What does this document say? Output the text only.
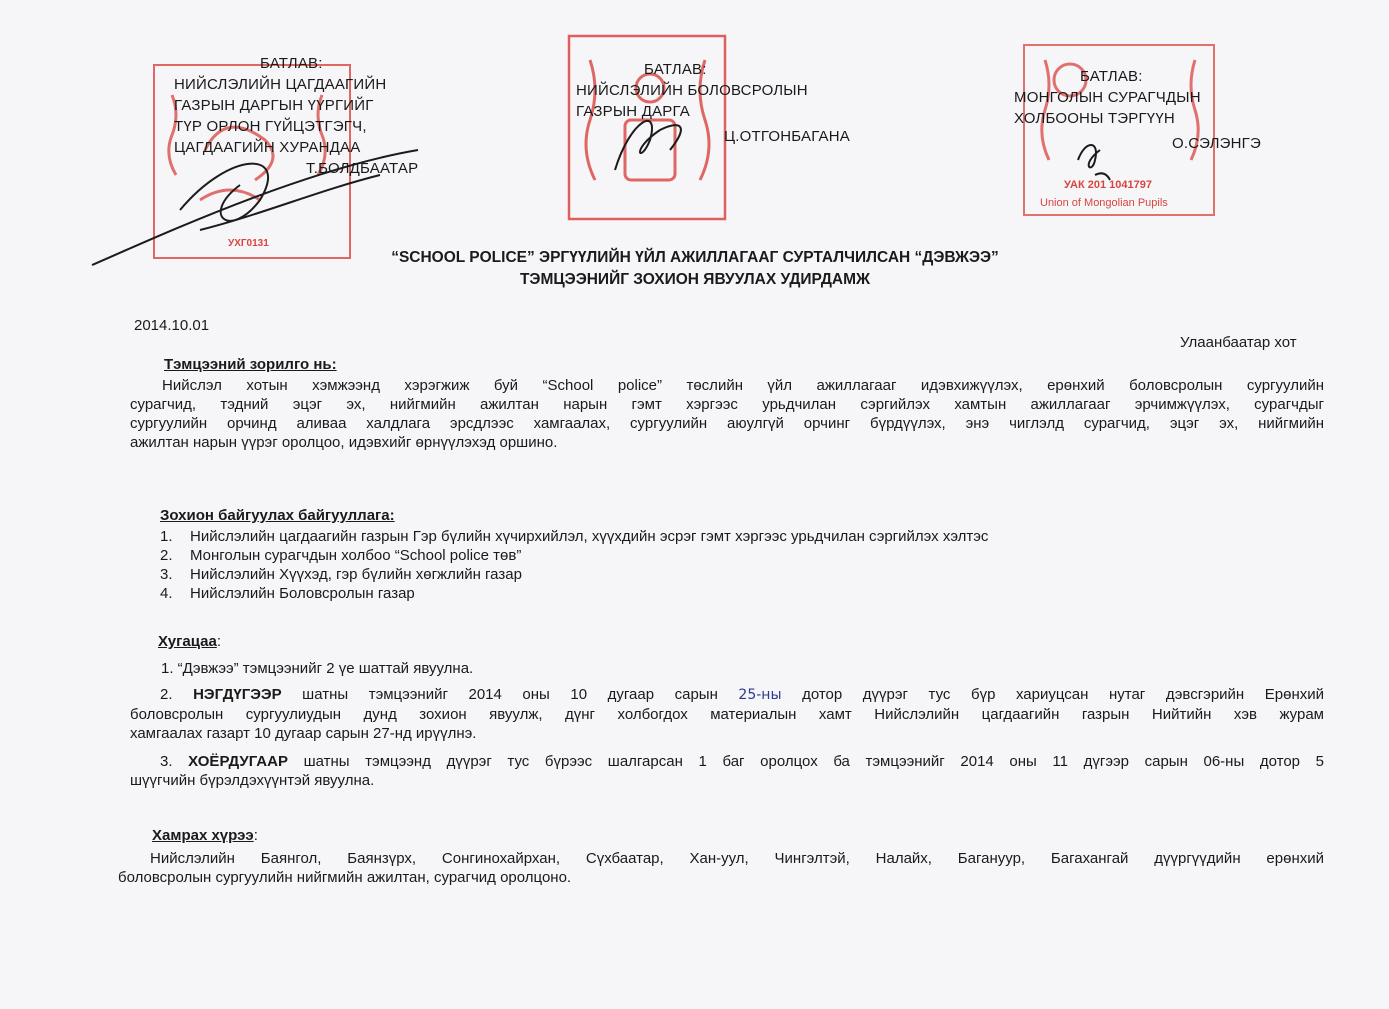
УХГ0131
УАК 201 1041797
Union of Mongolian Pupils
БАТЛАВ:
НИЙСЛЭЛИЙН ЦАГДААГИЙН
ГАЗРЫН ДАРГЫН ҮҮРГИЙГ
ТҮР ОРЛОН ГҮЙЦЭТГЭГЧ,
ЦАГДААГИЙН ХУРАНДАА
Т.БОЛДБААТАР
БАТЛАВ:
НИЙСЛЭЛИЙН БОЛОВСРОЛЫН
ГАЗРЫН ДАРГА
Ц.ОТГОНБАГАНА
БАТЛАВ:
МОНГОЛЫН СУРАГЧДЫН
ХОЛБООНЫ ТЭРГҮҮН
О.СЭЛЭНГЭ
“SCHOOL POLICE” ЭРГҮҮЛИЙН ҮЙЛ АЖИЛЛАГААГ СУРТАЛЧИЛСАН “ДЭВЖЭЭ”
ТЭМЦЭЭНИЙГ ЗОХИОН ЯВУУЛАХ УДИРДАМЖ
2014.10.01
Улаанбаатар хот
Тэмцээний зорилго нь:
Нийслэл хотын хэмжээнд хэрэгжиж буй “School police” төслийн үйл ажиллагааг идэвхижүүлэх, ерөнхий боловсролын сургуулийн
сурагчид, тэдний эцэг эх, нийгмийн ажилтан нарын гэмт хэргээс урьдчилан сэргийлэх хамтын ажиллагааг эрчимжүүлэх, сурагчдыг
сургуулийн орчинд аливаа халдлага эрсдлээс хамгаалах, сургуулийн аюулгүй орчинг бүрдүүлэх, энэ чиглэлд сурагчид, эцэг эх, нийгмийн
ажилтан нарын үүрэг оролцоо, идэвхийг өрнүүлэхэд оршино.
Зохион байгуулах байгууллага:
1. Нийслэлийн цагдаагийн газрын Гэр бүлийн хүчирхийлэл, хүүхдийн эсрэг гэмт хэргээс урьдчилан сэргийлэх хэлтэс
2. Монголын сурагчдын холбоо “School police төв”
3. Нийслэлийн Хүүхэд, гэр бүлийн хөгжлийн газар
4. Нийслэлийн Боловсролын газар
Хугацаа:
1. “Дэвжээ” тэмцээнийг 2 үе шаттай явуулна.
2. НЭГДҮГЭЭР шатны тэмцээнийг 2014 оны 10 дугаар сарын 25-ны дотор дүүрэг тус бүр хариуцсан нутаг дэвсгэрийн Ерөнхий
боловсролын сургуулиудын дунд зохион явуулж, дүнг холбогдох материалын хамт Нийслэлийн цагдаагийн газрын Нийтийн хэв журам
хамгаалах газарт 10 дугаар сарын 27-нд ирүүлнэ.
3. ХОЁРДУГААР шатны тэмцээнд дүүрэг тус бүрээс шалгарсан 1 баг оролцох ба тэмцээнийг 2014 оны 11 дүгээр сарын 06-ны дотор 5
шүүгчийн бүрэлдэхүүнтэй явуулна.
Хамрах хүрээ:
Нийслэлийн Баянгол, Баянзүрх, Сонгинохайрхан, Сүхбаатар, Хан-уул, Чингэлтэй, Налайх, Багануур, Багахангай дүүргүүдийн ерөнхий
боловсролын сургуулийн нийгмийн ажилтан, сурагчид оролцоно.
